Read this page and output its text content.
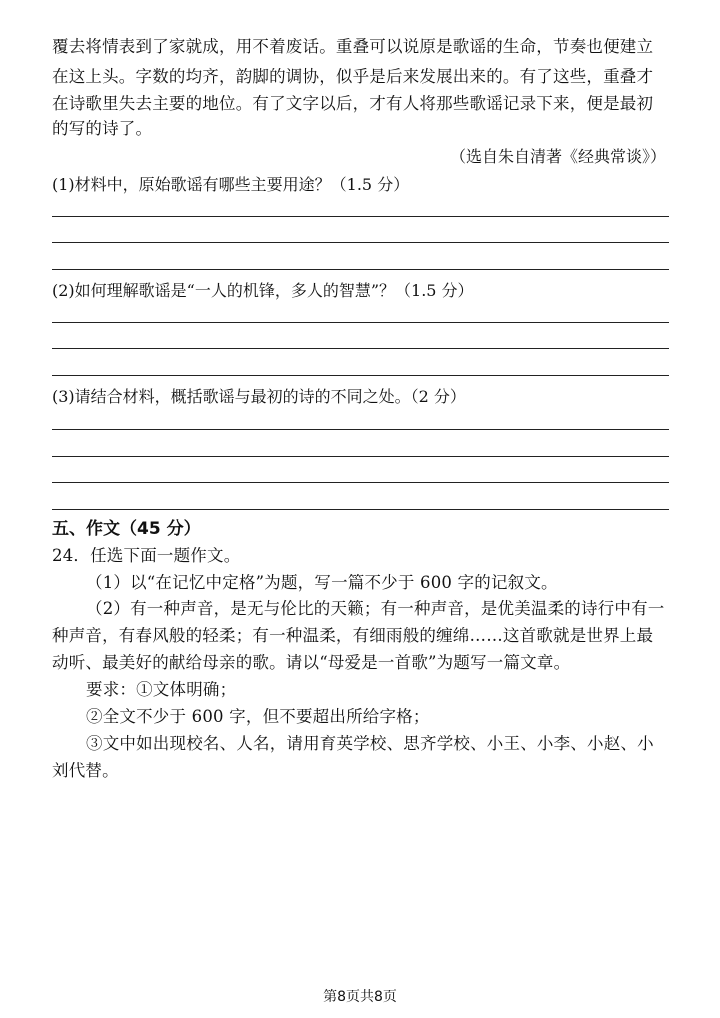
覆去将情表到了家就成，用不着废话。重叠可以说原是歌谣的生命，节奏也便建立
在这上头。字数的均齐，韵脚的调协，似乎是后来发展出来的。有了这些，重叠才
在诗歌里失去主要的地位。有了文字以后，才有人将那些歌谣记录下来，便是最初
的写的诗了。
（选自朱自清著《经典常谈》）
(1)材料中，原始歌谣有哪些主要用途？（1.5 分）
(2)如何理解歌谣是“一人的机锋，多人的智慧”？（1.5 分）
(3)请结合材料，概括歌谣与最初的诗的不同之处。（2 分）
五、作文（45 分）
24．任选下面一题作文。
（1）以“在记忆中定格”为题，写一篇不少于 600 字的记叙文。
（2）有一种声音，是无与伦比的天籁；有一种声音，是优美温柔的诗行中有一
种声音，有春风般的轻柔；有一种温柔，有细雨般的缠绵……这首歌就是世界上最
动听、最美好的献给母亲的歌。请以“母爱是一首歌”为题写一篇文章。
要求：①文体明确；
②全文不少于 600 字，但不要超出所给字格；
③文中如出现校名、人名，请用育英学校、思齐学校、小王、小李、小赵、小
刘代替。
第8页共8页
